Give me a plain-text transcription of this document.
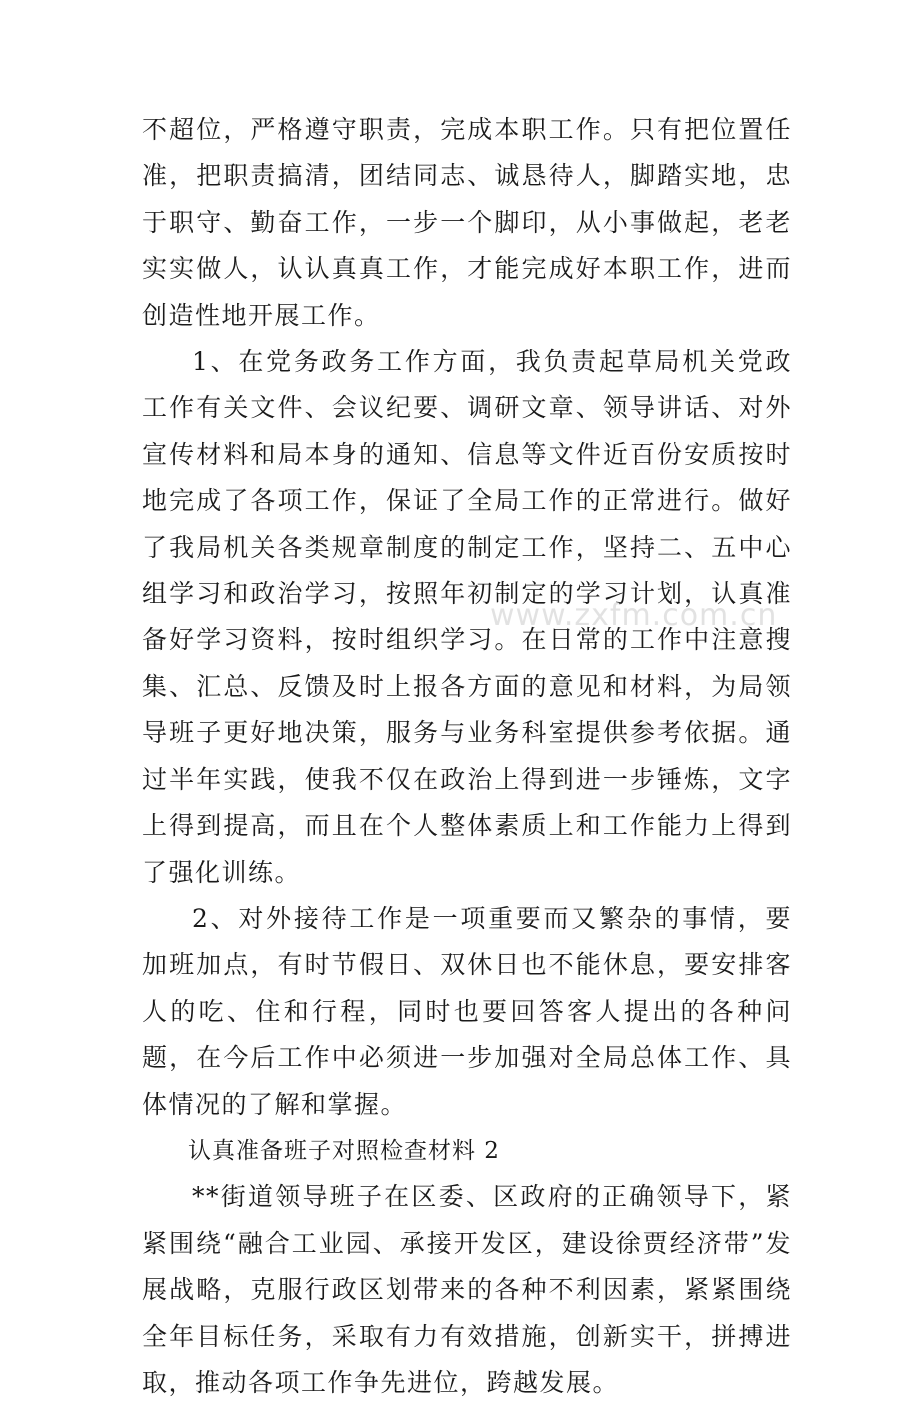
不超位，严格遵守职责，完成本职工作。只有把位置任准，把职责搞清，团结同志、诚恳待人，脚踏实地，忠于职守、勤奋工作，一步一个脚印，从小事做起，老老实实做人，认认真真工作，才能完成好本职工作，进而创造性地开展工作。

1、在党务政务工作方面，我负责起草局机关党政工作有关文件、会议纪要、调研文章、领导讲话、对外宣传材料和局本身的通知、信息等文件近百份安质按时地完成了各项工作，保证了全局工作的正常进行。做好了我局机关各类规章制度的制定工作，坚持二、五中心组学习和政治学习，按照年初制定的学习计划，认真准备好学习资料，按时组织学习。在日常的工作中注意搜集、汇总、反馈及时上报各方面的意见和材料，为局领导班子更好地决策，服务与业务科室提供参考依据。通过半年实践，使我不仅在政治上得到进一步锤炼，文字上得到提高，而且在个人整体素质上和工作能力上得到了强化训练。

2、对外接待工作是一项重要而又繁杂的事情，要加班加点，有时节假日、双休日也不能休息，要安排客人的吃、住和行程，同时也要回答客人提出的各种问题，在今后工作中必须进一步加强对全局总体工作、具体情况的了解和掌握。

认真准备班子对照检查材料 2

**街道领导班子在区委、区政府的正确领导下，紧紧围绕“融合工业园、承接开发区，建设徐贾经济带”发展战略，克服行政区划带来的各种不利因素，紧紧围绕全年目标任务，采取有力有效措施，创新实干，拼搏进取，推动各项工作争先进位，跨越发展。

www.zxfm.com.cn
